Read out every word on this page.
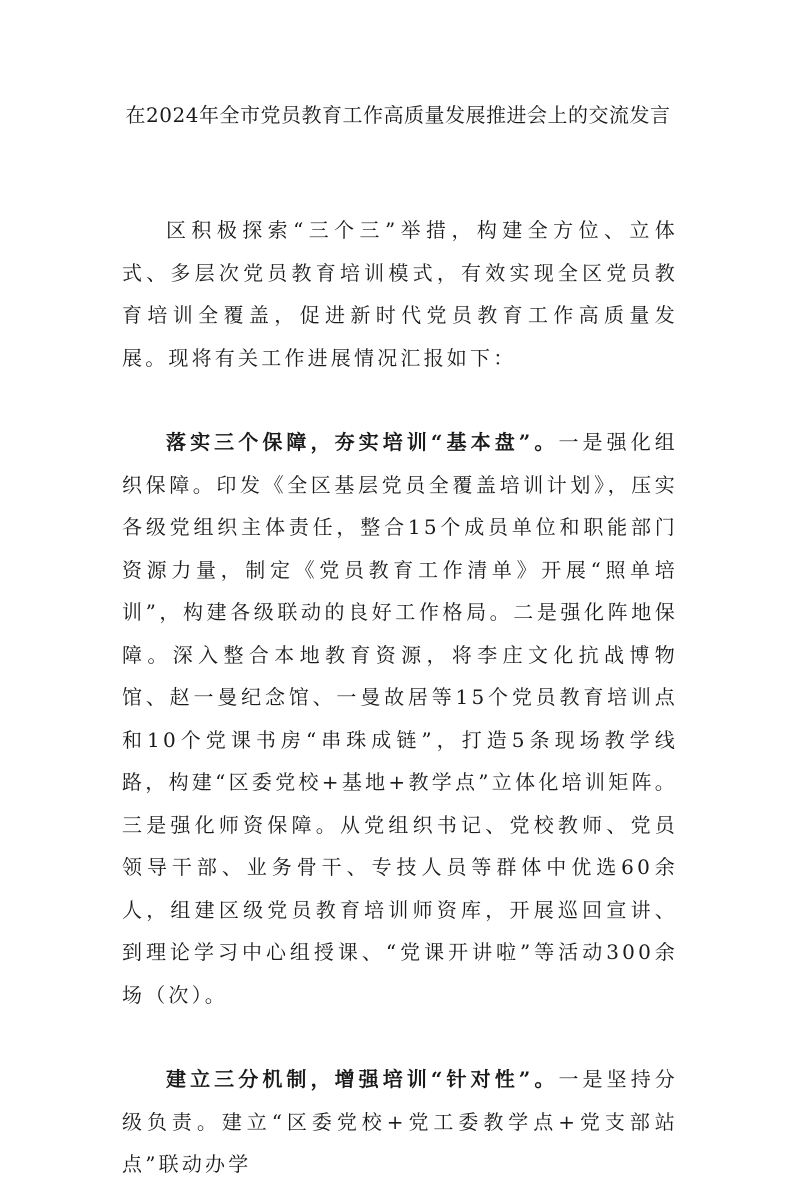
在2024年全市党员教育工作高质量发展推进会上的交流发言

区积极探索“三个三”举措，构建全方位、立体式、多层次党员教育培训模式，有效实现全区党员教育培训全覆盖，促进新时代党员教育工作高质量发展。现将有关工作进展情况汇报如下：

落实三个保障，夯实培训“基本盘”。一是强化组织保障。印发《全区基层党员全覆盖培训计划》，压实各级党组织主体责任，整合15个成员单位和职能部门资源力量，制定《党员教育工作清单》开展“照单培训”，构建各级联动的良好工作格局。二是强化阵地保障。深入整合本地教育资源，将李庄文化抗战博物馆、赵一曼纪念馆、一曼故居等15个党员教育培训点和10个党课书房“串珠成链”，打造5条现场教学线路，构建“区委党校+基地+教学点”立体化培训矩阵。三是强化师资保障。从党组织书记、党校教师、党员领导干部、业务骨干、专技人员等群体中优选60余人，组建区级党员教育培训师资库，开展巡回宣讲、到理论学习中心组授课、“党课开讲啦”等活动300余场（次）。

建立三分机制，增强培训“针对性”。一是坚持分级负责。建立“区委党校+党工委教学点+党支部站点”联动办学
